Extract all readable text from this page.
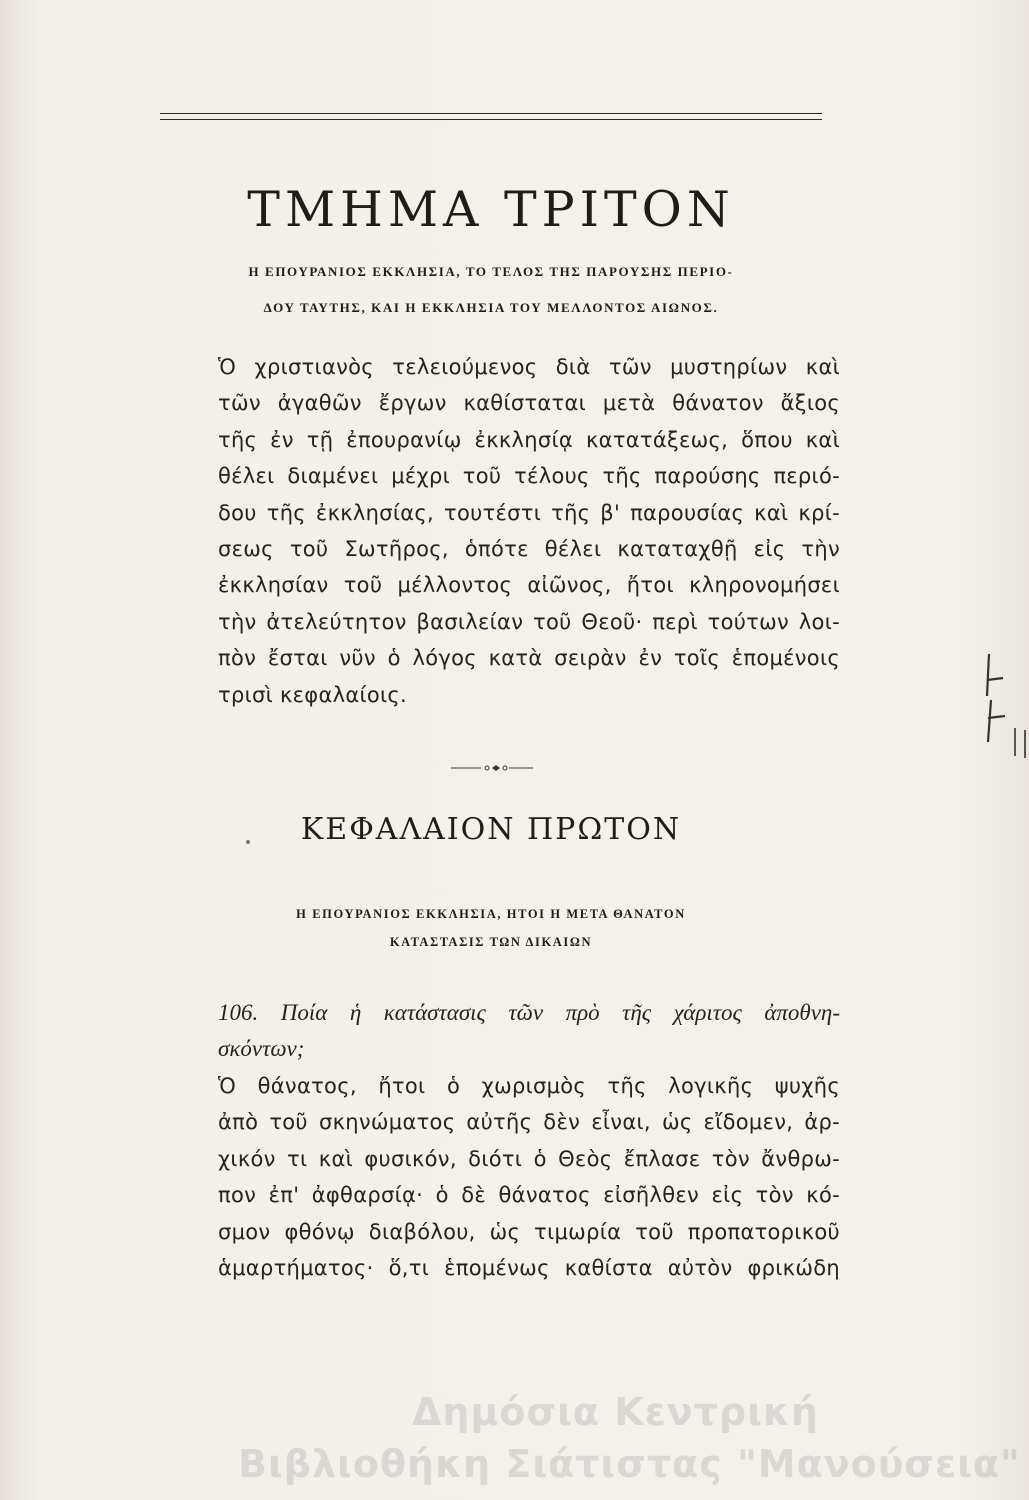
ΤΜΗΜΑ ΤΡΙΤΟΝ
Η ΕΠΟΥΡΑΝΙΟΣ ΕΚΚΛΗΣΙΑ, ΤΟ ΤΕΛΟΣ ΤΗΣ ΠΑΡΟΥΣΗΣ ΠΕΡΙΟ-
ΔΟΥ ΤΑΥΤΗΣ, ΚΑΙ Η ΕΚΚΛΗΣΙΑ ΤΟΥ ΜΕΛΛΟΝΤΟΣ ΑΙΩΝΟΣ.
Ὁ χριστιανὸς τελειούμενος διὰ τῶν μυστηρίων καὶ
τῶν ἀγαθῶν ἔργων καθίσταται μετὰ θάνατον ἄξιος
τῆς ἐν τῇ ἐπουρανίῳ ἐκκλησίᾳ κατατάξεως, ὅπου καὶ
θέλει διαμένει μέχρι τοῦ τέλους τῆς παρούσης περιό-
δου τῆς ἐκκλησίας, τουτέστι τῆς β' παρουσίας καὶ κρί-
σεως τοῦ Σωτῆρος, ὁπότε θέλει καταταχθῇ εἰς τὴν
ἐκκλησίαν τοῦ μέλλοντος αἰῶνος, ἤτοι κληρονομήσει
τὴν ἀτελεύτητον βασιλείαν τοῦ Θεοῦ· περὶ τούτων λοι-
πὸν ἔσται νῦν ὁ λόγος κατὰ σειρὰν ἐν τοῖς ἑπομένοις
τρισὶ κεφαλαίοις.
ΚΕΦΑΛΑΙΟΝ ΠΡΩΤΟΝ
Η ΕΠΟΥΡΑΝΙΟΣ ΕΚΚΛΗΣΙΑ, ΗΤΟΙ Η ΜΕΤΑ ΘΑΝΑΤΟΝ
ΚΑΤΑΣΤΑΣΙΣ ΤΩΝ ΔΙΚΑΙΩΝ
106. Ποία ἡ κατάστασις τῶν πρὸ τῆς χάριτος ἀποθνη-
σκόντων;
Ὁ θάνατος, ἤτοι ὁ χωρισμὸς τῆς λογικῆς ψυχῆς
ἀπὸ τοῦ σκηνώματος αὐτῆς δὲν εἶναι, ὡς εἴδομεν, ἀρ-
χικόν τι καὶ φυσικόν, διότι ὁ Θεὸς ἔπλασε τὸν ἄνθρω-
πον ἐπ' ἀφθαρσίᾳ· ὁ δὲ θάνατος εἰσῆλθεν εἰς τὸν κό-
σμον φθόνῳ διαβόλου, ὡς τιμωρία τοῦ προπατορικοῦ
ἁμαρτήματος· ὅ,τι ἑπομένως καθίστα αὐτὸν φρικώδη
Δημόσια Κεντρική
Βιβλιοθήκη Σιάτιστας "Μανούσεια"
